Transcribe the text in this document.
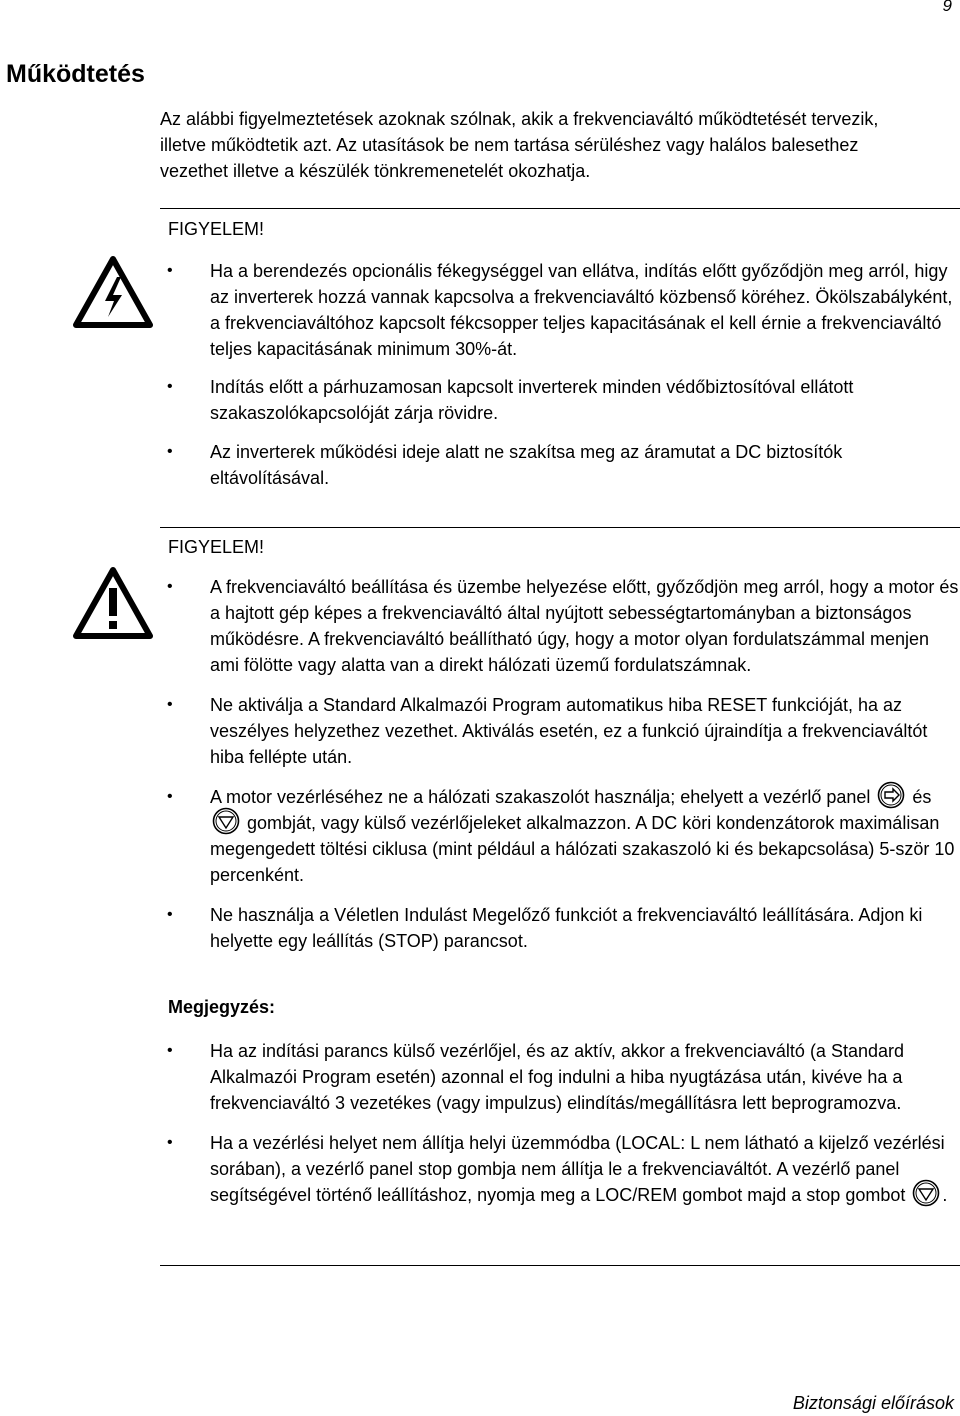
9
Működtetés
Az alábbi figyelmeztetések azoknak szólnak, akik a frekvenciaváltó működtetését tervezik, illetve működtetik azt. Az utasítások be nem tartása sérüléshez vagy halálos balesethez vezethet illetve a készülék tönkremenetelét okozhatja.
FIGYELEM!
• Ha a berendezés opcionális fékegységgel van ellátva, indítás előtt győződjön meg arról, higy az inverterek hozzá vannak kapcsolva a frekvenciaváltó közbenső köréhez. Ökölszabályként, a frekvenciaváltóhoz kapcsolt fékcsopper teljes kapacitásának el kell érnie a frekvenciaváltó teljes kapacitásának minimum 30%-át.
• Indítás előtt a párhuzamosan kapcsolt inverterek minden védőbiztosítóval ellátott szakaszolókapcsolóját zárja rövidre.
• Az inverterek működési ideje alatt ne szakítsa meg az áramutat a DC biztosítók eltávolításával.
FIGYELEM!
• A frekvenciaváltó beállítása és üzembe helyezése előtt, győződjön meg arról, hogy a motor és a hajtott gép képes a frekvenciaváltó által nyújtott sebességtartományban a biztonságos működésre. A frekvenciaváltó beállítható úgy, hogy a motor olyan fordulatszámmal menjen ami fölötte vagy alatta van a direkt hálózati üzemű fordulatszámnak.
• Ne aktiválja a Standard Alkalmazói Program automatikus hiba RESET funkcióját, ha az veszélyes helyzethez vezethet. Aktiválás esetén, ez a funkció újraindítja a frekvenciaváltót hiba fellépte után.
• A motor vezérléséhez ne a hálózati szakaszolót használja; ehelyett a vezérlő panel és  gombját, vagy külső vezérlőjeleket alkalmazzon. A DC köri kondenzátorok maximálisan megengedett töltési ciklusa (mint például a hálózati szakaszoló ki és bekapcsolása) 5-ször 10 percenként.
• Ne használja a Véletlen Indulást Megelőző funkciót a frekvenciaváltó leállítására. Adjon ki helyette egy leállítás (STOP) parancsot.
Megjegyzés:
• Ha az indítási parancs külső vezérlőjel, és az aktív, akkor a frekvenciaváltó (a Standard Alkalmazói Program esetén) azonnal el fog indulni a hiba nyugtázása után, kivéve ha a frekvenciaváltó 3 vezetékes (vagy impulzus) elindítás/megállításra lett beprogramozva.
• Ha a vezérlési helyet nem állítja helyi üzemmódba (LOCAL: L nem látható a kijelző vezérlési sorában), a vezérlő panel stop gombja nem állítja le a frekvenciaváltót. A vezérlő panel segítségével történő leállításhoz, nyomja meg a LOC/REM gombot majd a stop gombot .
Biztonsági előírások
